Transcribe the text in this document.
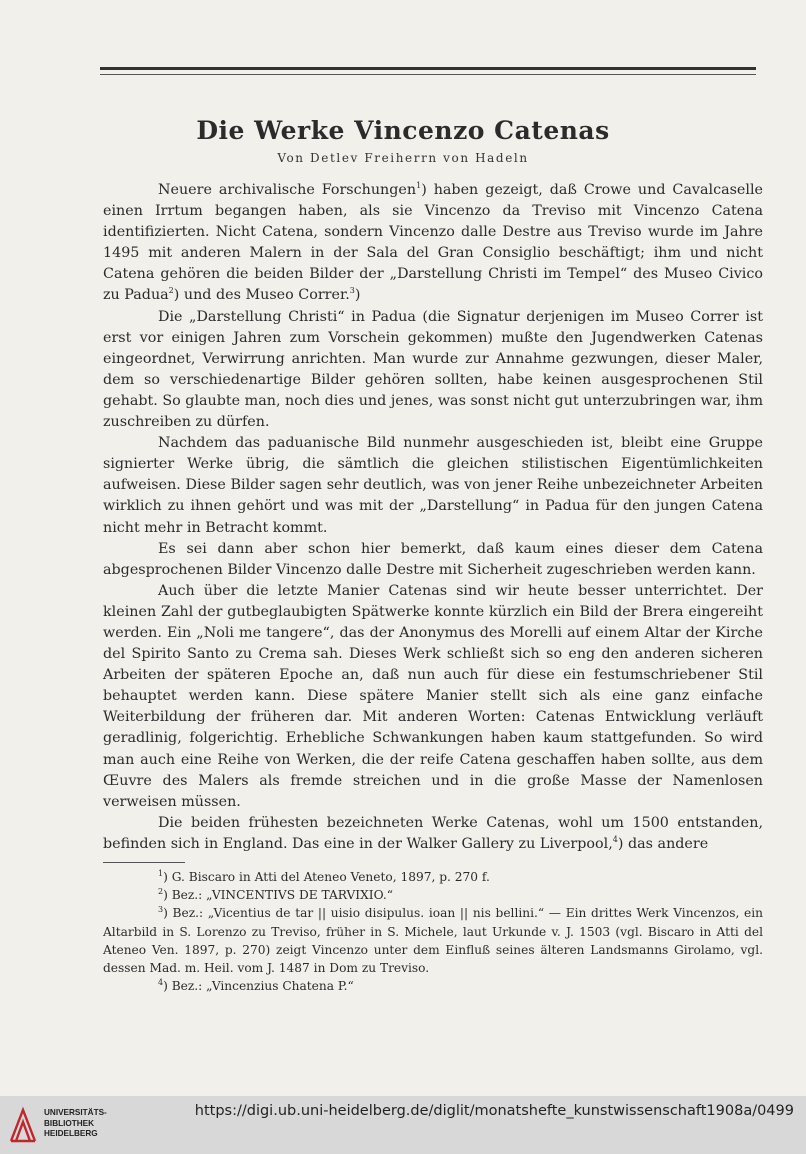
Die Werke Vincenzo Catenas
Von Detlev Freiherrn von Hadeln

Neuere archivalische Forschungen$^1$) haben gezeigt, daß Crowe und Cavalcaselle einen Irrtum begangen haben, als sie Vincenzo da Treviso mit Vincenzo Catena identifizierten. Nicht Catena, sondern Vincenzo dalle Destre aus Treviso wurde im Jahre 1495 mit anderen Malern in der Sala del Gran Consiglio beschäftigt; ihm und nicht Catena gehören die beiden Bilder der „Darstellung Christi im Tempel“ des Museo Civico zu Padua$^2$) und des Museo Correr.$^3$)

Die „Darstellung Christi“ in Padua (die Signatur derjenigen im Museo Correr ist erst vor einigen Jahren zum Vorschein gekommen) mußte den Jugendwerken Catenas eingeordnet, Verwirrung anrichten. Man wurde zur Annahme gezwungen, dieser Maler, dem so verschiedenartige Bilder gehören sollten, habe keinen ausgesprochenen Stil gehabt. So glaubte man, noch dies und jenes, was sonst nicht gut unterzubringen war, ihm zuschreiben zu dürfen.

Nachdem das paduanische Bild nunmehr ausgeschieden ist, bleibt eine Gruppe signierter Werke übrig, die sämtlich die gleichen stilistischen Eigentümlichkeiten aufweisen. Diese Bilder sagen sehr deutlich, was von jener Reihe unbezeichneter Arbeiten wirklich zu ihnen gehört und was mit der „Darstellung“ in Padua für den jungen Catena nicht mehr in Betracht kommt.

Es sei dann aber schon hier bemerkt, daß kaum eines dieser dem Catena abgesprochenen Bilder Vincenzo dalle Destre mit Sicherheit zugeschrieben werden kann.

Auch über die letzte Manier Catenas sind wir heute besser unterrichtet. Der kleinen Zahl der gutbeglaubigten Spätwerke konnte kürzlich ein Bild der Brera eingereiht werden. Ein „Noli me tangere“, das der Anonymus des Morelli auf einem Altar der Kirche del Spirito Santo zu Crema sah. Dieses Werk schließt sich so eng den anderen sicheren Arbeiten der späteren Epoche an, daß nun auch für diese ein festumschriebener Stil behauptet werden kann. Diese spätere Manier stellt sich als eine ganz einfache Weiterbildung der früheren dar. Mit anderen Worten: Catenas Entwicklung verläuft geradlinig, folgerichtig. Erhebliche Schwankungen haben kaum stattgefunden. So wird man auch eine Reihe von Werken, die der reife Catena geschaffen haben sollte, aus dem Œuvre des Malers als fremde streichen und in die große Masse der Namenlosen verweisen müssen.

Die beiden frühesten bezeichneten Werke Catenas, wohl um 1500 entstanden, befinden sich in England. Das eine in der Walker Gallery zu Liverpool,$^4$) das andere

$^1$) G. Biscaro in Atti del Ateneo Veneto, 1897, p. 270 f.

$^2$) Bez.: „VINCENTIVS DE TARVIXIO.“

$^3$) Bez.: „Vicentius de tar || uisio disipulus. ioan || nis bellini.“ — Ein drittes Werk Vincenzos, ein Altarbild in S. Lorenzo zu Treviso, früher in S. Michele, laut Urkunde v. J. 1503 (vgl. Biscaro in Atti del Ateneo Ven. 1897, p. 270) zeigt Vincenzo unter dem Einfluß seines älteren Landsmanns Girolamo, vgl. dessen Mad. m. Heil. vom J. 1487 in Dom zu Treviso.

$^4$) Bez.: „Vincenzius Chatena P.“

UNIVERSITÄTS-
BIBLIOTHEK
HEIDELBERG
https://digi.ub.uni-heidelberg.de/diglit/monatshefte_kunstwissenschaft1908a/0499
